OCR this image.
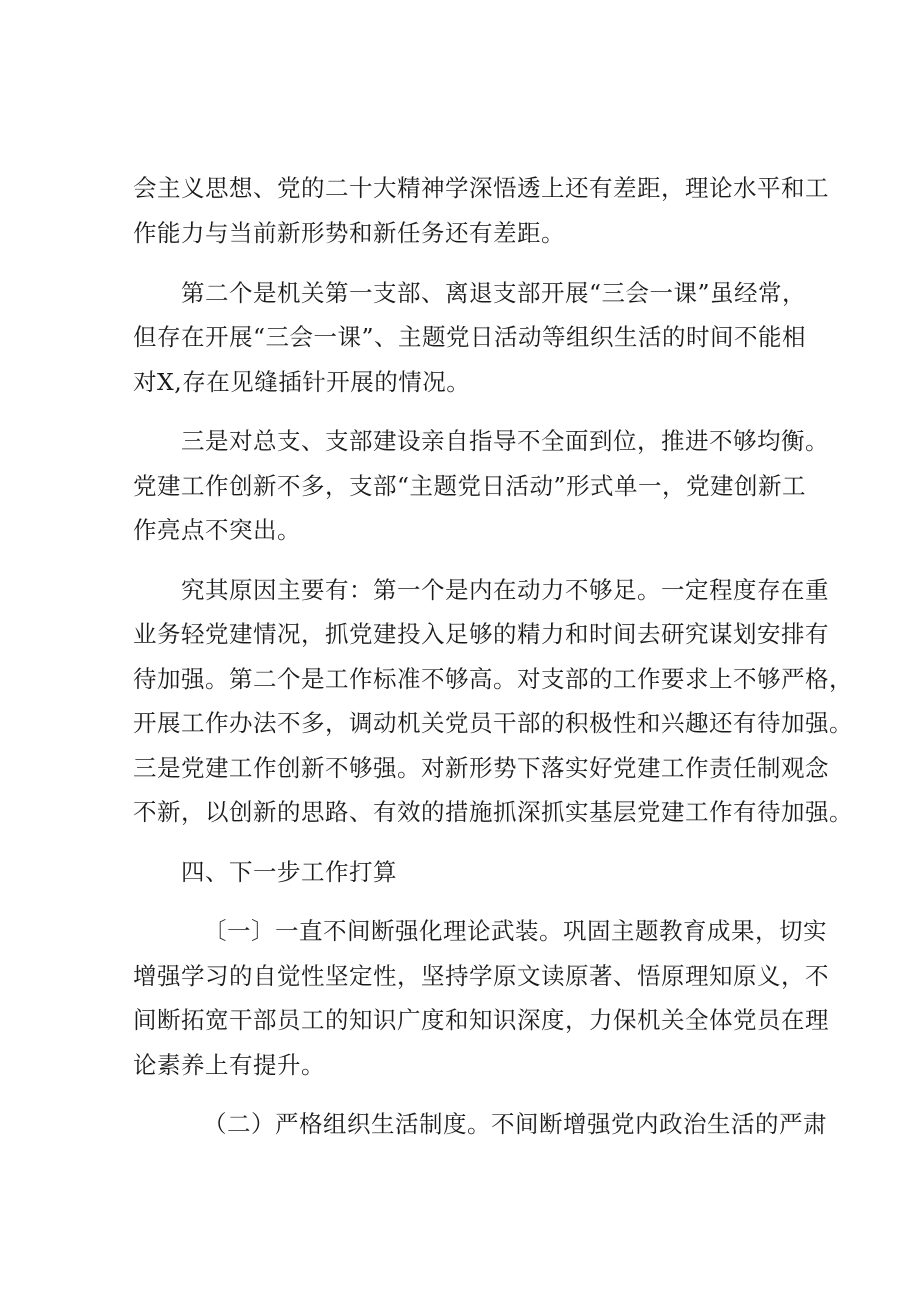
会主义思想、党的二十大精神学深悟透上还有差距，理论水平和工
作能力与当前新形势和新任务还有差距。
第二个是机关第一支部、离退支部开展“三会一课”虽经常，
但存在开展“三会一课”、主题党日活动等组织生活的时间不能相
对X,存在见缝插针开展的情况。
三是对总支、支部建设亲自指导不全面到位，推进不够均衡。
党建工作创新不多，支部“主题党日活动”形式单一，党建创新工
作亮点不突出。
究其原因主要有：第一个是内在动力不够足。一定程度存在重
业务轻党建情况，抓党建投入足够的精力和时间去研究谋划安排有
待加强。第二个是工作标准不够高。对支部的工作要求上不够严格，
开展工作办法不多，调动机关党员干部的积极性和兴趣还有待加强。
三是党建工作创新不够强。对新形势下落实好党建工作责任制观念
不新，以创新的思路、有效的措施抓深抓实基层党建工作有待加强。
四、下一步工作打算
〔一〕一直不间断强化理论武装。巩固主题教育成果，切实
增强学习的自觉性坚定性，坚持学原文读原著、悟原理知原义，不
间断拓宽干部员工的知识广度和知识深度，力保机关全体党员在理
论素养上有提升。
（二）严格组织生活制度。不间断增强党内政治生活的严肃
